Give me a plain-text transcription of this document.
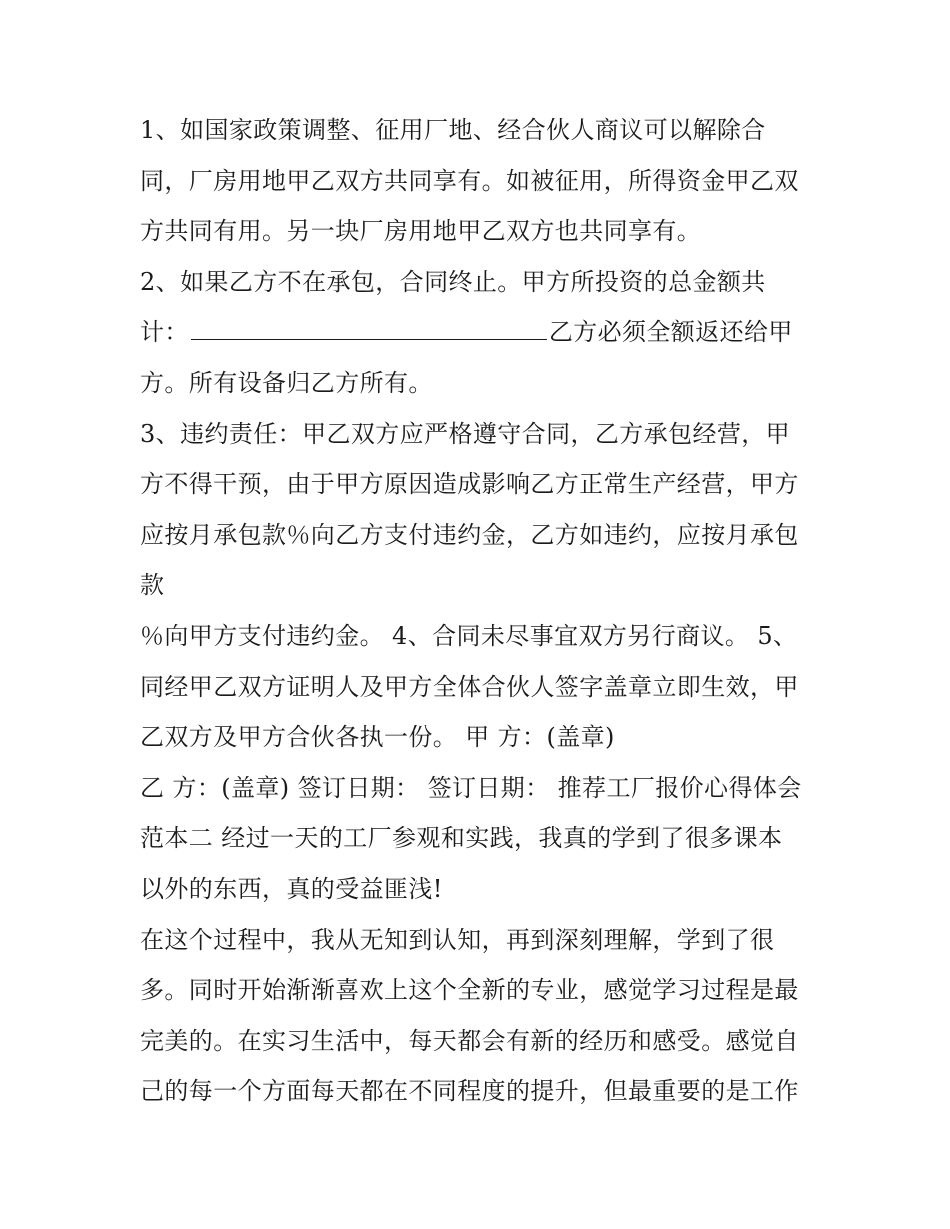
1、如国家政策调整、征用厂地、经合伙人商议可以解除合
同，厂房用地甲乙双方共同享有。如被征用，所得资金甲乙双
方共同有用。另一块厂房用地甲乙双方也共同享有。
2、如果乙方不在承包，合同终止。甲方所投资的总金额共
计：	乙方必须全额返还给甲
方。所有设备归乙方所有。
3、违约责任：甲乙双方应严格遵守合同，乙方承包经营，甲
方不得干预，由于甲方原因造成影响乙方正常生产经营，甲方
应按月承包款％向乙方支付违约金，乙方如违约，应按月承包
款
％向甲方支付违约金。 4、合同未尽事宜双方另行商议。 5、
同经甲乙双方证明人及甲方全体合伙人签字盖章立即生效，甲
乙双方及甲方合伙各执一份。 甲 方：(盖章)
乙 方：(盖章) 签订日期： 签订日期： 推荐工厂报价心得体会
范本二 经过一天的工厂参观和实践，我真的学到了很多课本
以外的东西，真的受益匪浅!
在这个过程中，我从无知到认知，再到深刻理解，学到了很
多。同时开始渐渐喜欢上这个全新的专业，感觉学习过程是最
完美的。在实习生活中，每天都会有新的经历和感受。感觉自
己的每一个方面每天都在不同程度的提升，但最重要的是工作
